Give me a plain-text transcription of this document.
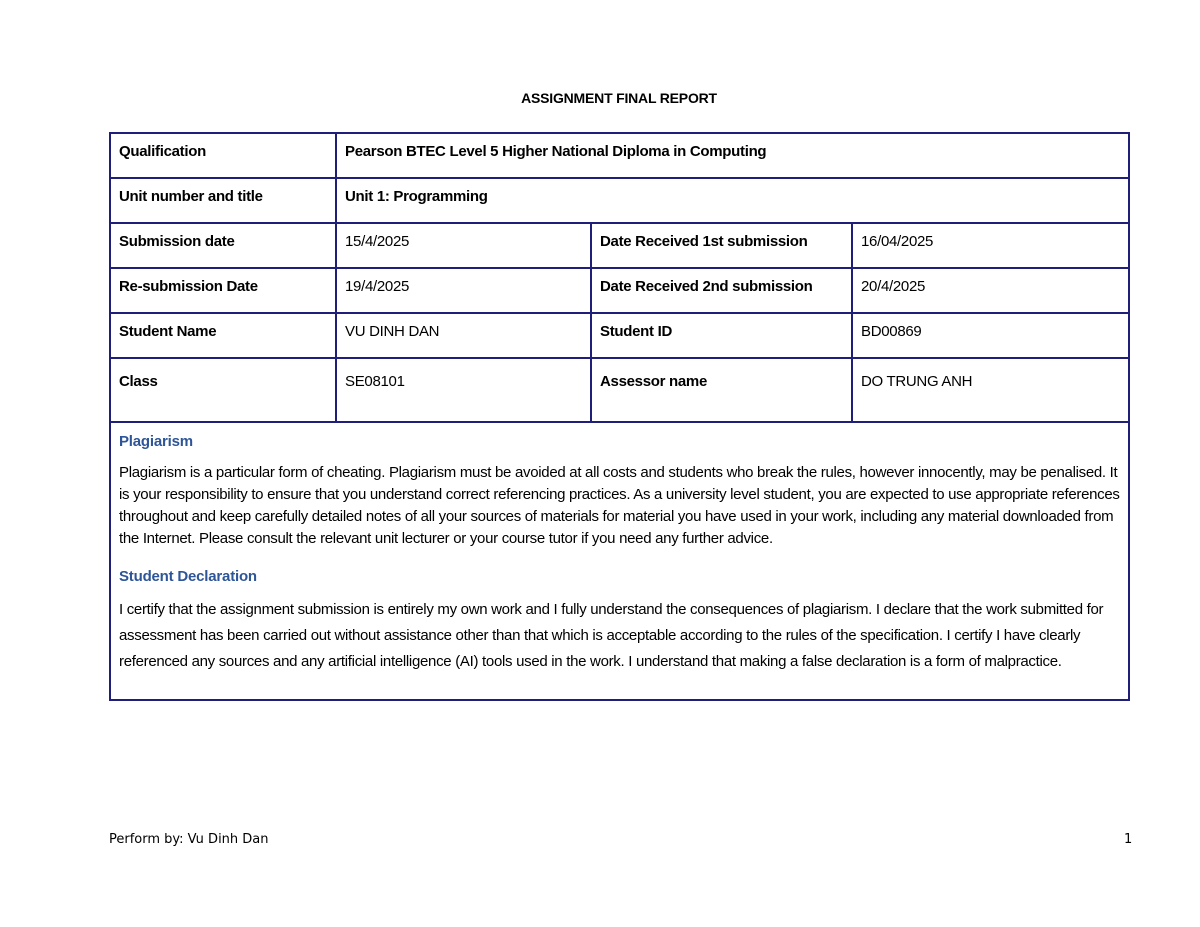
ASSIGNMENT FINAL REPORT
Qualification	Pearson BTEC Level 5 Higher National Diploma in Computing		
Unit number and title	Unit 1: Programming		
Submission date	15/4/2025	Date Received 1st submission	16/04/2025
Re-submission Date	19/4/2025	Date Received 2nd submission	20/4/2025
Student Name	VU DINH DAN	Student ID	BD00869
Class	SE08101	Assessor name	DO TRUNG ANH

Plagiarism

Plagiarism is a particular form of cheating. Plagiarism must be avoided at all costs and students who break the rules, however innocently, may be penalised. It is your responsibility to ensure that you understand correct referencing practices. As a university level student, you are expected to use appropriate references throughout and keep carefully detailed notes of all your sources of materials for material you have used in your work, including any material downloaded from the Internet. Please consult the relevant unit lecturer or your course tutor if you need any further advice.

Student Declaration

I certify that the assignment submission is entirely my own work and I fully understand the consequences of plagiarism. I declare that the work submitted for assessment has been carried out without assistance other than that which is acceptable according to the rules of the specification. I certify I have clearly referenced any sources and any artificial intelligence (AI) tools used in the work. I understand that making a false declaration is a form of malpractice.			

Perform by: Vu Dinh Dan	1
